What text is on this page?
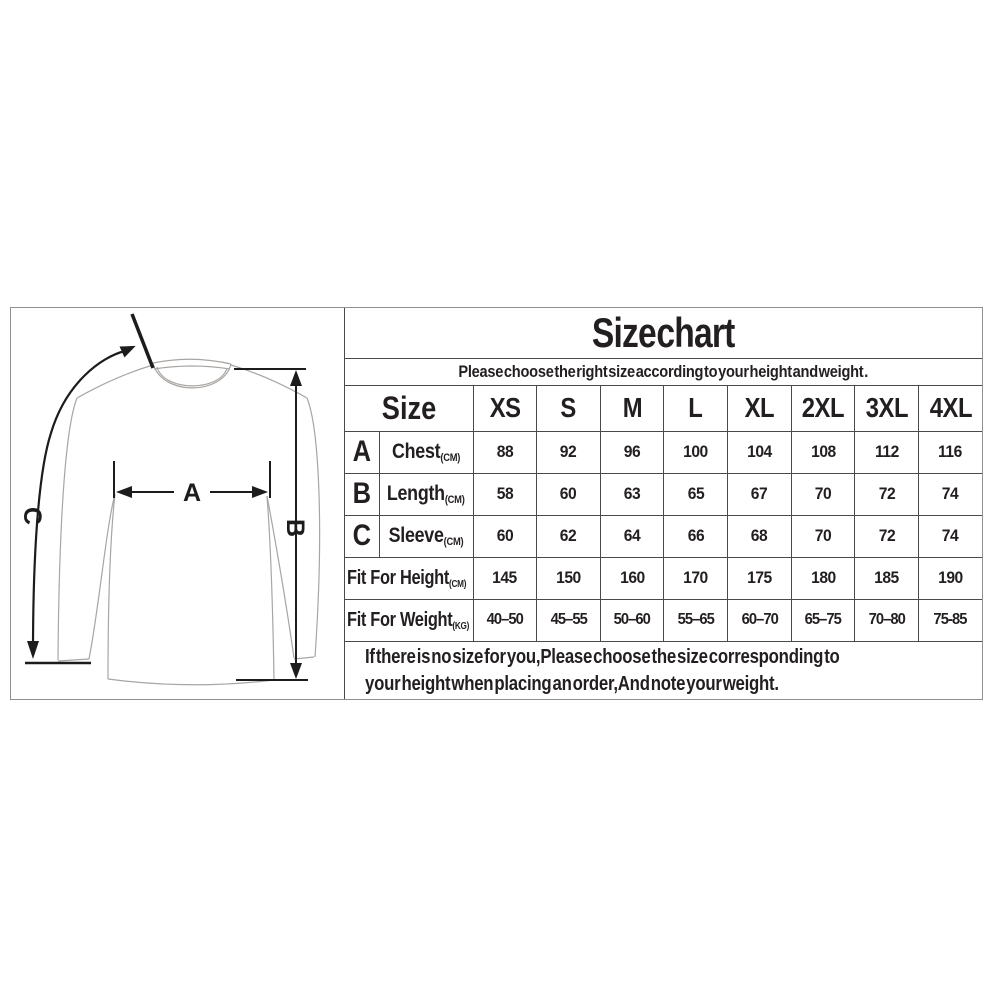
A
B
C
Size chart
Please choose the right size according to your height and weight .
Size		XS	S	M	L	XL	2XL	3XL	4XL
A	Chest(CM)	88	92	96	100	104	108	112	116
B	Length(CM)	58	60	63	65	67	70	72	74
C	Sleeve(CM)	60	62	64	66	68	70	72	74
Fit For Height(CM)		145	150	160	170	175	180	185	190
Fit For Weight(KG)		40–50	45–55	50–60	55–65	60–70	65–75	70–80	75-85
If there is no size for you,Please choose the size corresponding to
your height when placing an order,And note your weight.
